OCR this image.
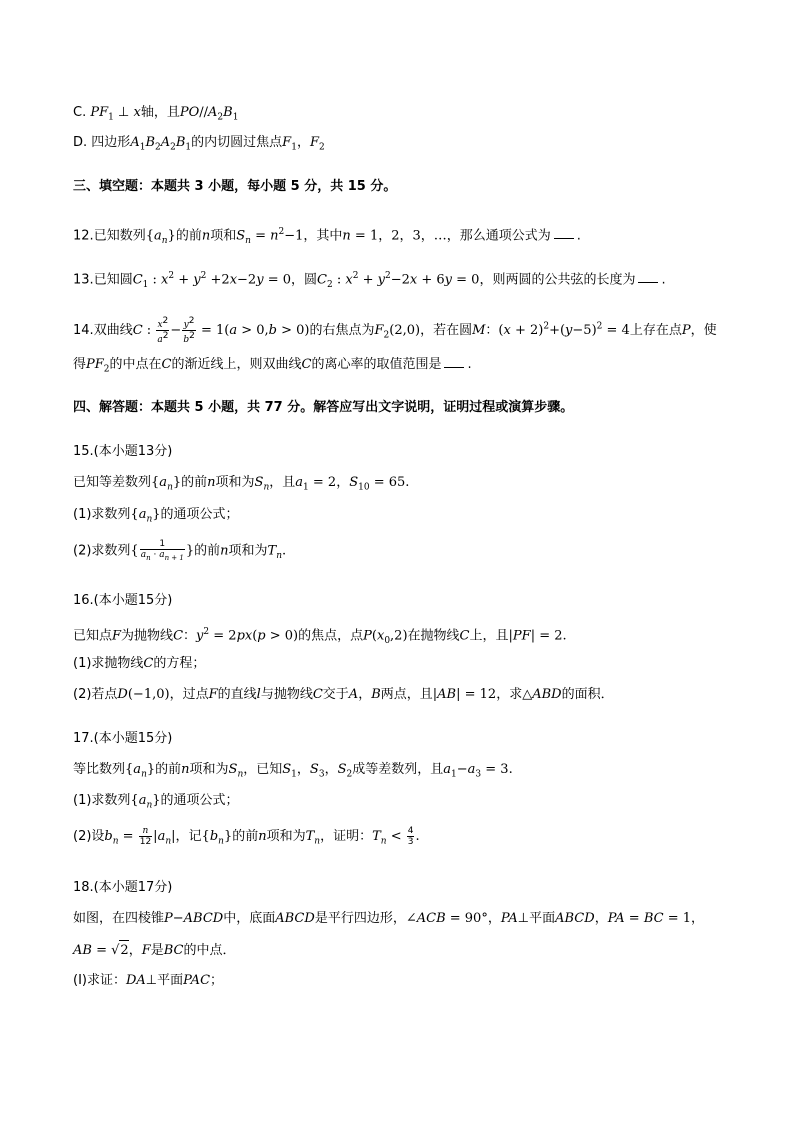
C. $PF_1$ ⊥ x轴，且$PO//A_2B_1$
D. 四边形$A_1B_2A_2B_1$的内切圆过焦点$F_1$，$F_2$
三、填空题：本题共 3 小题，每小题 5 分，共 15 分。
12.已知数列$\{a_n\}$的前n项和$S_n = n^2-1$，其中n = 1，2，3，…，那么通项公式为 .
13.已知圆$C_1$ : $x^2 + y^2 +2x-2y = 0$，圆$C_2$ : $x^2 + y^2-2x + 6y = 0$，则两圆的公共弦的长度为 .
14.双曲线C : $\frac{x^2}{a^2} - \frac{y^2}{b^2} = 1(a > 0,b > 0)$的右焦点为$F_2(2,0)$，若在圆M：$(x + 2)^2+(y-5)^2 = 4$上存在点P，使
得$PF_2$的中点在C的渐近线上，则双曲线C的离心率的取值范围是 .
四、解答题：本题共 5 小题，共 77 分。解答应写出文字说明，证明过程或演算步骤。
15.(本小题13分)
已知等差数列$\{a_n\}$的前n项和为$S_n$，且$a_1 = 2$，$S_{10} = 65$.
(1)求数列$\{a_n\}$的通项公式；
(2)求数列{ $\frac{1}{a_n \cdot a_{n + 1}}$ }的前n项和为$T_n$.
16.(本小题15分)
已知点F为抛物线C：$y^2 = 2px(p > 0)$的焦点，点$P(x_0,2)$在抛物线C上，且|PF| = 2.
(1)求抛物线C的方程；
(2)若点D(−1,0)，过点F的直线l与抛物线C交于A，B两点，且|AB| = 12，求△ABD的面积．
17.(本小题15分)
等比数列$\{a_n\}$的前n项和为$S_n$，已知$S_1$，$S_3$，$S_2$成等差数列，且$a_1-a_3 = 3$.
(1)求数列$\{a_n\}$的通项公式；
(2)设$b_n = \frac{n}{12} |a_n|$，记$\{b_n\}$的前n项和为$T_n$，证明：$T_n < \frac{4}{3}$ .
18.(本小题17分)
如图，在四棱锥P−ABCD中，底面ABCD是平行四边形，∠ACB = 90°，PA⊥平面ABCD，PA = BC = 1，
AB = √2，F是BC的中点．
(Ⅰ)求证：DA⊥平面PAC；
